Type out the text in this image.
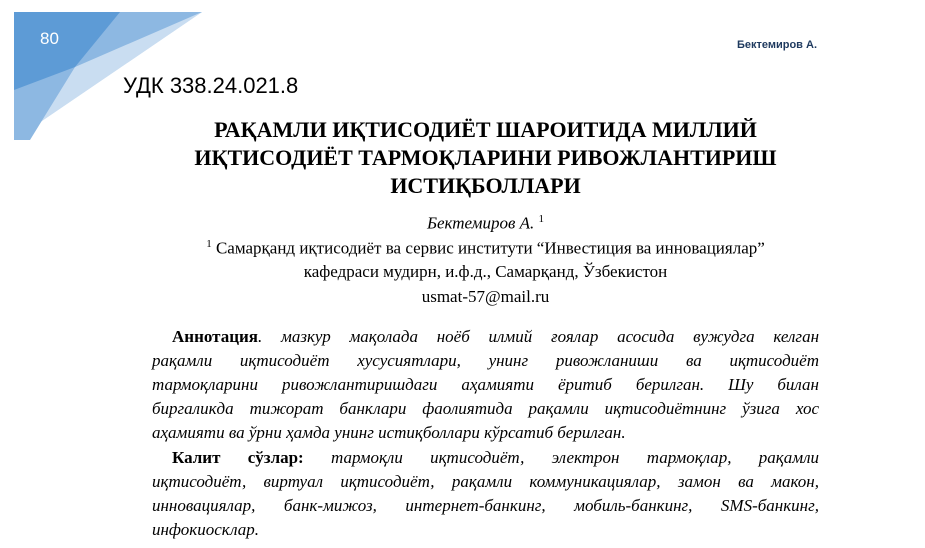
80	Бектемиров А.
УДК 338.24.021.8
РАҚАМЛИ ИҚТИСОДИЁТ ШАРОИТИДА МИЛЛИЙ
ИҚТИСОДИЁТ ТАРМОҚЛАРИНИ РИВОЖЛАНТИРИШ
ИСТИҚБОЛЛАРИ
Бектемиров А. $^1$
$^1$ Самарқанд иқтисодиёт ва сервис институти “Инвестиция ва инновациялар”
кафедраси мудирн, и.ф.д., Самарқанд, Ўзбекистон
usmat-57@mail.ru
Аннотация. мазкур мақолада ноёб илмий ғоялар асосида вужудга келган
рақамли иқтисодиёт хусусиятлари, унинг ривожланиши ва иқтисодиёт
тармоқларини ривожлантиришдаги аҳамияти ёритиб берилган. Шу билан
биргаликда тижорат банклари фаолиятида рақамли иқтисодиётнинг ўзига хос
аҳамияти ва ўрни ҳамда унинг истиқболлари кўрсатиб берилган.
Калит сўзлар: тармоқли иқтисодиёт, электрон тармоқлар, рақамли
иқтисодиёт, виртуал иқтисодиёт, рақамли коммуникациялар, замон ва макон,
инновациялар, банк-мижоз, интернет-банкинг, мобиль-банкинг, SMS-банкинг,
инфокиосклар.
